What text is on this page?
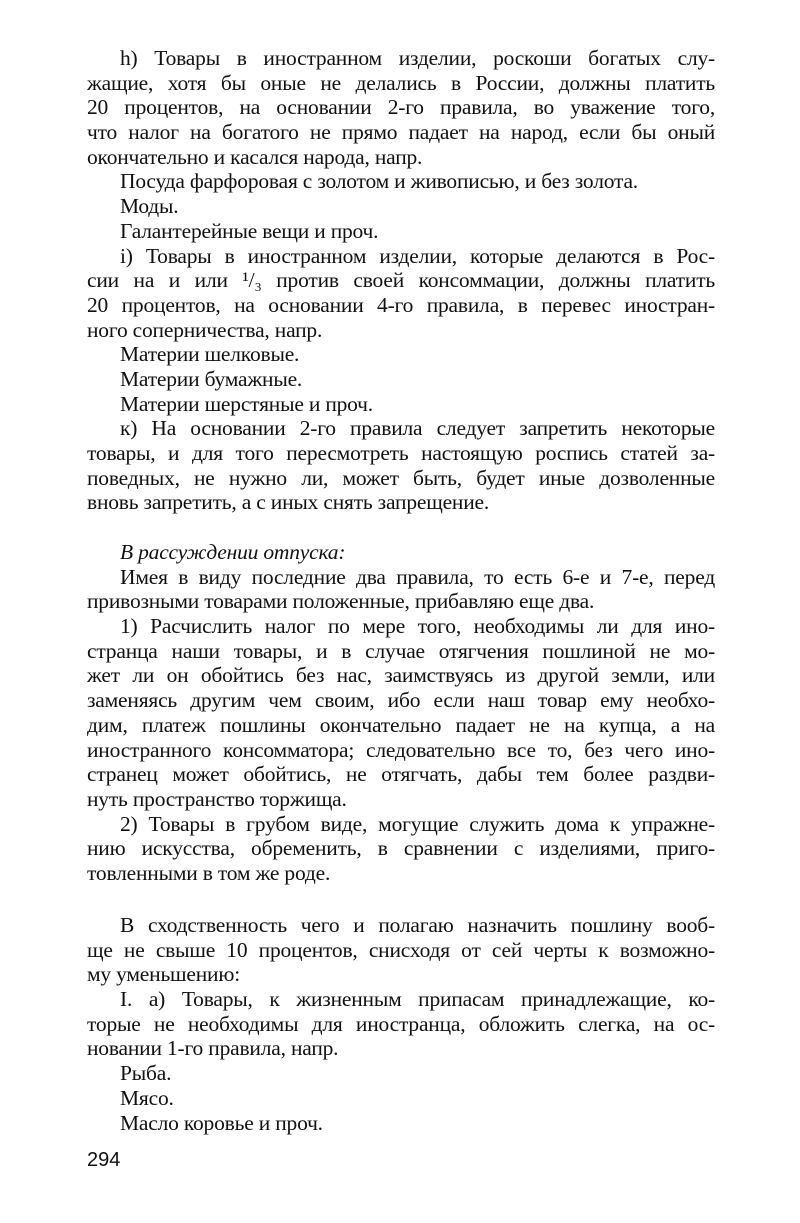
h) Товары в иностранном изделии, роскоши богатых слу-
жащие, хотя бы оные не делались в России, должны платить
20 процентов, на основании 2-го правила, во уважение того,
что налог на богатого не прямо падает на народ, если бы оный
окончательно и касался народа, напр.
Посуда фарфоровая с золотом и живописью, и без золота.
Моды.
Галантерейные вещи и проч.
i) Товары в иностранном изделии, которые делаются в Рос-
сии на и или ¹/₃ против своей консоммации, должны платить
20 процентов, на основании 4-го правила, в перевес иностран-
ного соперничества, напр.
Материи шелковые.
Материи бумажные.
Материи шерстяные и проч.
к) На основании 2-го правила следует запретить некоторые
товары, и для того пересмотреть настоящую роспись статей за-
поведных, не нужно ли, может быть, будет иные дозволенные
вновь запретить, а с иных снять запрещение.
В рассуждении отпуска:
Имея в виду последние два правила, то есть 6-е и 7-е, перед
привозными товарами положенные, прибавляю еще два.
1) Расчислить налог по мере того, необходимы ли для ино-
странца наши товары, и в случае отягчения пошлиной не мо-
жет ли он обойтись без нас, заимствуясь из другой земли, или
заменяясь другим чем своим, ибо если наш товар ему необхо-
дим, платеж пошлины окончательно падает не на купца, а на
иностранного консомматора; следовательно все то, без чего ино-
странец может обойтись, не отягчать, дабы тем более раздви-
нуть пространство торжища.
2) Товары в грубом виде, могущие служить дома к упражне-
нию искусства, обременить, в сравнении с изделиями, приго-
товленными в том же роде.
В сходственность чего и полагаю назначить пошлину вооб-
ще не свыше 10 процентов, снисходя от сей черты к возможно-
му уменьшению:
I. а) Товары, к жизненным припасам принадлежащие, ко-
торые не необходимы для иностранца, обложить слегка, на ос-
новании 1-го правила, напр.
Рыба.
Мясо.
Масло коровье и проч.
294
